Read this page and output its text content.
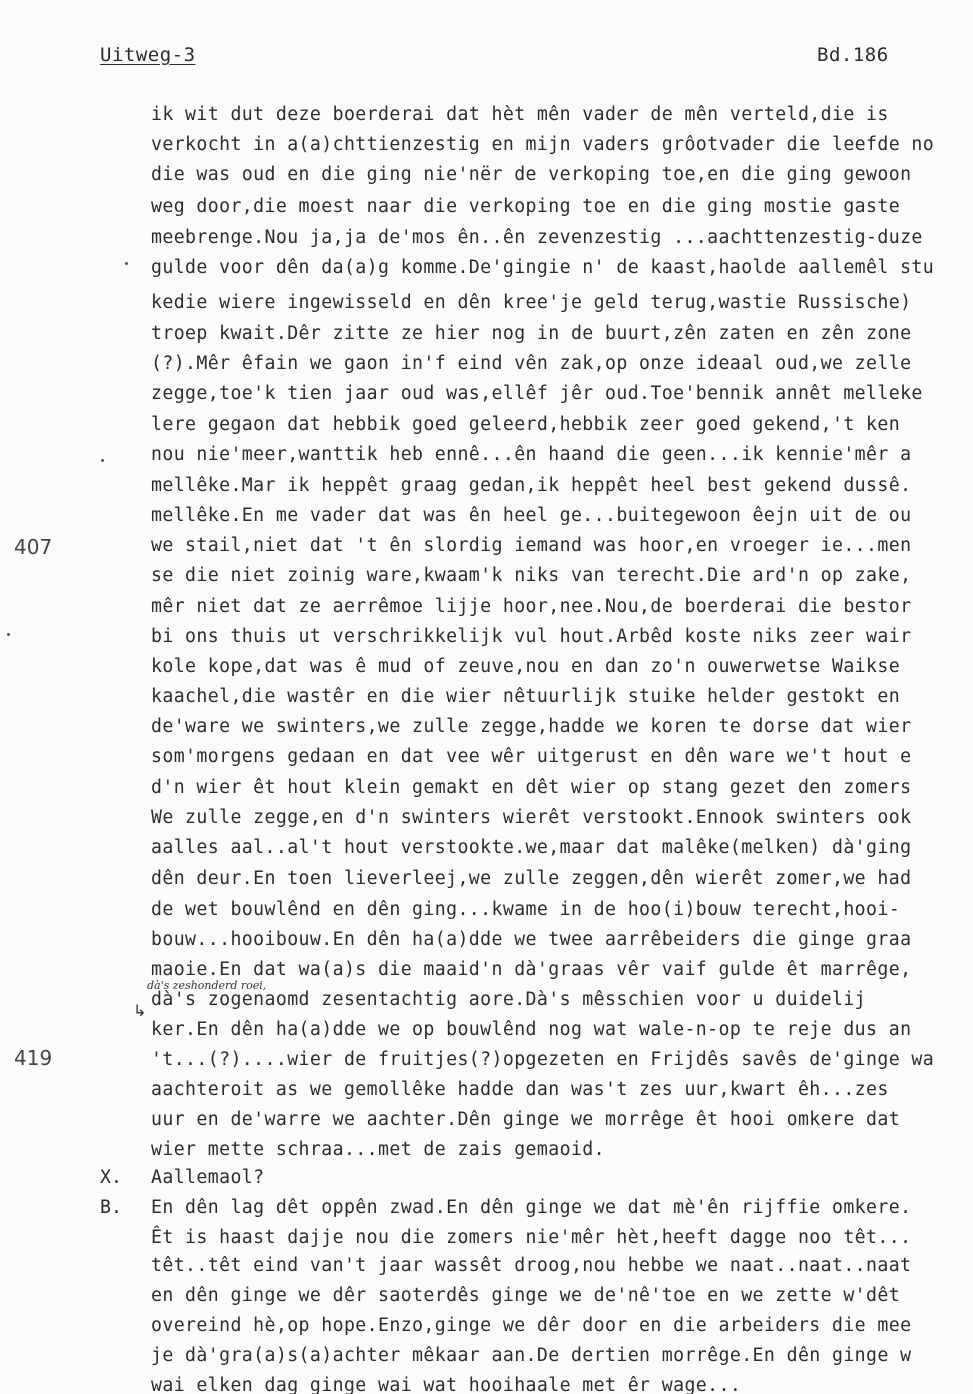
Uitweg-3	Bd.186
407
419
dà's zeshonderd roei,
↳
ik wit dut deze boerderai dat hèt mên vader de mên verteld,die is
verkocht in a(a)chttienzestig en mijn vaders grôotvader die leefde no
die was oud en die ging nie'nër de verkoping toe,en die ging gewoon
weg door,die moest naar die verkoping toe en die ging mostie gaste
meebrenge.Nou ja,ja de'mos ên..ên zevenzestig ...aachttenzestig-duze
gulde voor dên da(a)g komme.De'gingie n' de kaast,haolde aallemêl stu
kedie wiere ingewisseld en dên kree'je geld terug,wastie Russische)
troep kwait.Dêr zitte ze hier nog in de buurt,zên zaten en zên zone
(?).Mêr êfain we gaon in'f eind vên zak,op onze ideaal oud,we zelle
zegge,toe'k tien jaar oud was,ellêf jêr oud.Toe'bennik annêt melleke
lere gegaon dat hebbik goed geleerd,hebbik zeer goed gekend,'t ken
nou nie'meer,wanttik heb ennê...ên haand die geen...ik kennie'mêr a
mellêke.Mar ik heppêt graag gedan,ik heppêt heel best gekend dussê.
mellêke.En me vader dat was ên heel ge...buitegewoon êejn uit de ou
we stail,niet dat 't ên slordig iemand was hoor,en vroeger ie...men
se die niet zoinig ware,kwaam'k niks van terecht.Die ard'n op zake,
mêr niet dat ze aerrêmoe lijje hoor,nee.Nou,de boerderai die bestor
bi ons thuis ut verschrikkelijk vul hout.Arbêd koste niks zeer wair
kole kope,dat was ê mud of zeuve,nou en dan zo'n ouwerwetse Waikse
kaachel,die wastêr en die wier nêtuurlijk stuike helder gestokt en
de'ware we swinters,we zulle zegge,hadde we koren te dorse dat wier
som'morgens gedaan en dat vee wêr uitgerust en dên ware we't hout e
d'n wier êt hout klein gemakt en dêt wier op stang gezet den zomers
We zulle zegge,en d'n swinters wierêt verstookt.Ennook swinters ook
aalles aal..al't hout verstookte.we,maar dat malêke(melken) dà'ging
dên deur.En toen lieverleej,we zulle zeggen,dên wierêt zomer,we had
de wet bouwlênd en dên ging...kwame in de hoo(i)bouw terecht,hooi-
bouw...hooibouw.En dên ha(a)dde we twee aarrêbeiders die ginge graa
maoie.En dat wa(a)s die maaid'n dà'graas vêr vaif gulde êt marrêge,
dà's zogenaomd zesentachtig aore.Dà's mêsschien voor u duidelij
ker.En dên ha(a)dde we op bouwlênd nog wat wale-n-op te reje dus an
't...(?)....wier de fruitjes(?)opgezeten en Frijdês savês de'ginge wa
aachteroit as we gemollêke hadde dan was't zes uur,kwart êh...zes
uur en de'warre we aachter.Dên ginge we morrêge êt hooi omkere dat
wier mette schraa...met de zais gemaoid.
Aallemaol?
En dên lag dêt oppên zwad.En dên ginge we dat mè'ên rijffie omkere.
Êt is haast dajje nou die zomers nie'mêr hèt,heeft dagge noo têt...
têt..têt eind van't jaar wassêt droog,nou hebbe we naat..naat..naat
en dên ginge we dêr saoterdês ginge we de'nê'toe en we zette w'dêt
overeind hè,op hope.Enzo,ginge we dêr door en die arbeiders die mee
je dà'gra(a)s(a)achter mêkaar aan.De dertien morrêge.En dên ginge w
wai elken dag ginge wai wat hooihaale met êr wage...
X.
B.
